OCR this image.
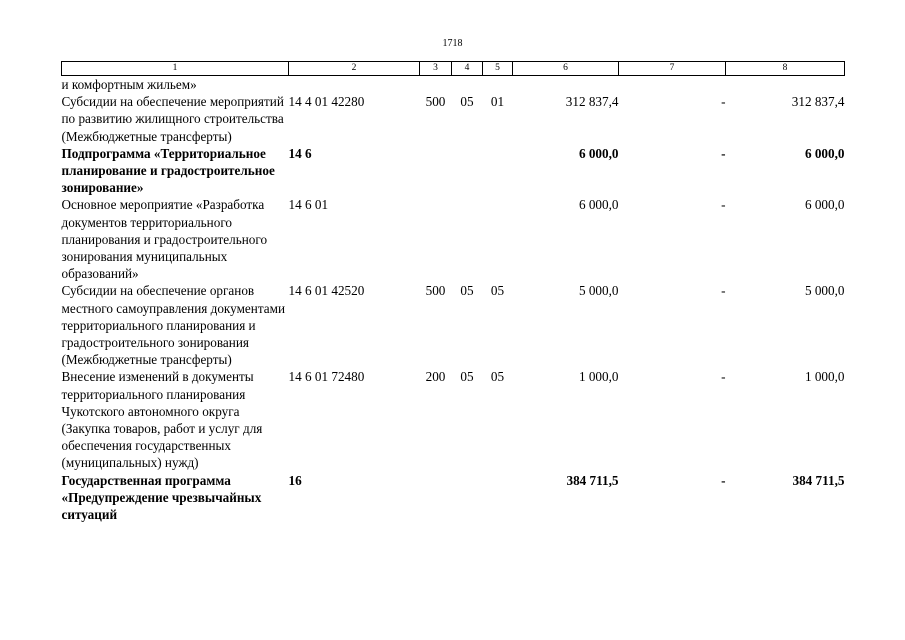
1718
1	2	3	4	5	6	7	8
и комфортным жильем»							
Субсидии на обеспечение мероприятий по развитию жилищного строительства (Межбюджетные трансферты)	14 4 01 42280	500	05	01	312 837,4	-	312 837,4
Подпрограмма «Территориальное планирование и градостроительное зонирование»	14 6				6 000,0	-	6 000,0
Основное мероприятие «Разработка документов территориального планирования и градостроительного зонирования муниципальных образований»	14 6 01				6 000,0	-	6 000,0
Субсидии на обеспечение органов местного самоуправления документами территориального планирования и градостроительного зонирования (Межбюджетные трансферты)	14 6 01 42520	500	05	05	5 000,0	-	5 000,0
Внесение изменений в документы территориального планирования Чукотского автономного округа (Закупка товаров, работ и услуг для обеспечения государственных (муниципальных) нужд)	14 6 01 72480	200	05	05	1 000,0	-	1 000,0
Государственная программа «Предупреждение чрезвычайных ситуаций	16				384 711,5	-	384 711,5
